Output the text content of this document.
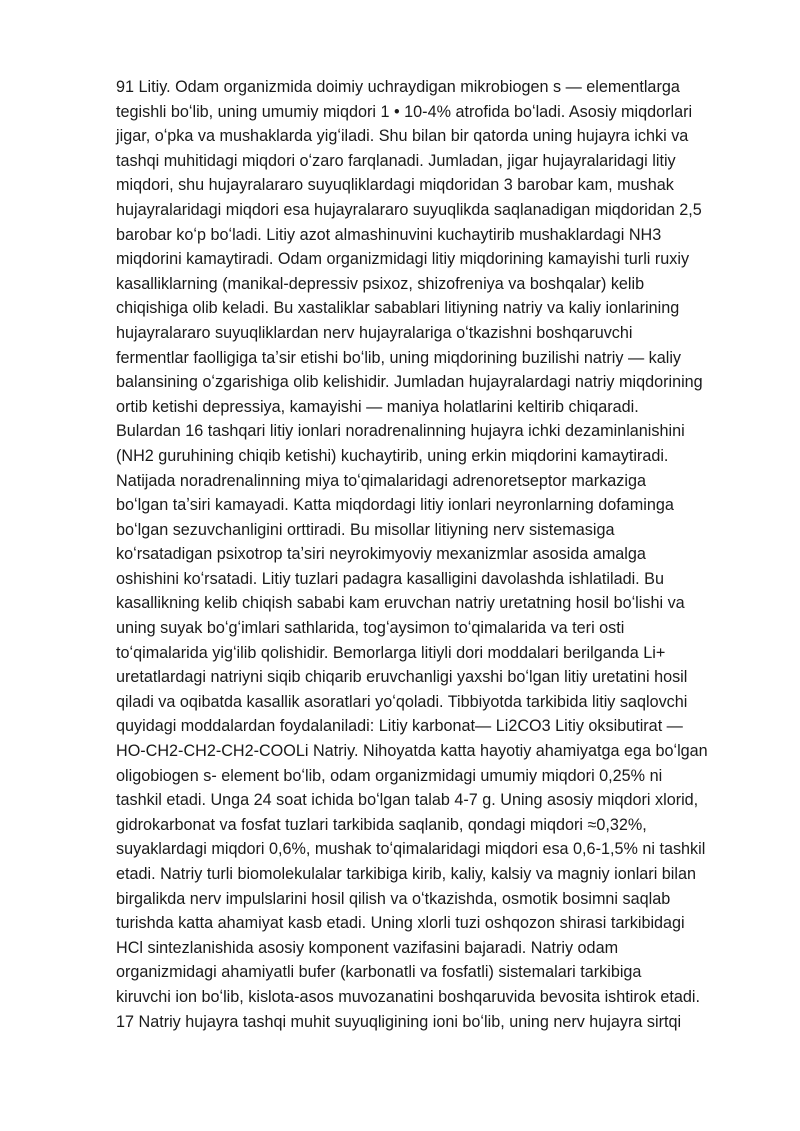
91 Litiy. Odam organizmida doimiy uchraydigan mikrobiogen s — elementlarga
tegishli boʻlib, uning umumiy miqdori 1 • 10-4% atrofida boʻladi. Asosiy miqdorlari
jigar, oʻpka va mushaklarda yigʻiladi. Shu bilan bir qatorda uning hujayra ichki va
tashqi muhitidagi miqdori oʻzaro farqlanadi. Jumladan, jigar hujayralaridagi litiy
miqdori, shu hujayralararo suyuqliklardagi miqdoridan 3 barobar kam, mushak
hujayralaridagi miqdori esa hujayralararo suyuqlikda saqlanadigan miqdoridan 2,5
barobar koʻp boʻladi. Litiy azot almashinuvini kuchaytirib mushaklardagi NH3
miqdorini kamaytiradi. Odam organizmidagi litiy miqdorining kamayishi turli ruxiy
kasalliklarning (manikal-depressiv psixoz, shizofreniya va boshqalar) kelib
chiqishiga olib keladi. Bu xastaliklar sabablari litiyning natriy va kaliy ionlarining
hujayralararo suyuqliklardan nerv hujayralariga oʻtkazishni boshqaruvchi
fermentlar faolligiga taʼsir etishi boʻlib, uning miqdorining buzilishi natriy — kaliy
balansining oʻzgarishiga olib kelishidir. Jumladan hujayralardagi natriy miqdorining
ortib ketishi depressiya, kamayishi — maniya holatlarini keltirib chiqaradi.
Bulardan 16 tashqari litiy ionlari noradrenalinning hujayra ichki dezaminlanishini
(NH2 guruhining chiqib ketishi) kuchaytirib, uning erkin miqdorini kamaytiradi.
Natijada noradrenalinning miya toʻqimalaridagi adrenoretseptor markaziga
boʻlgan taʼsiri kamayadi. Katta miqdordagi litiy ionlari neyronlarning dofaminga
boʻlgan sezuvchanligini orttiradi. Bu misollar litiyning nerv sistemasiga
koʻrsatadigan psixotrop taʼsiri neyrokimyoviy mexanizmlar asosida amalga
oshishini koʻrsatadi. Litiy tuzlari padagra kasalligini davolashda ishlatiladi. Bu
kasallikning kelib chiqish sababi kam eruvchan natriy uretatning hosil boʻlishi va
uning suyak boʻgʻimlari sathlarida, togʻaysimon toʻqimalarida va teri osti
toʻqimalarida yigʻilib qolishidir. Bemorlarga litiyli dori moddalari berilganda Li+
uretatlardagi natriyni siqib chiqarib eruvchanligi yaxshi boʻlgan litiy uretatini hosil
qiladi va oqibatda kasallik asoratlari yoʻqoladi. Tibbiyotda tarkibida litiy saqlovchi
quyidagi moddalardan foydalaniladi: Litiy karbonat— Li2CO3 Litiy oksibutirat —
HO-CH2-CH2-CH2-COOLi Natriy. Nihoyatda katta hayotiy ahamiyatga ega boʻlgan
oligobiogen s- element boʻlib, odam organizmidagi umumiy miqdori 0,25% ni
tashkil etadi. Unga 24 soat ichida boʻlgan talab 4-7 g. Uning asosiy miqdori xlorid,
gidrokarbonat va fosfat tuzlari tarkibida saqlanib, qondagi miqdori ≈0,32%,
suyaklardagi miqdori 0,6%, mushak toʻqimalaridagi miqdori esa 0,6-1,5% ni tashkil
etadi. Natriy turli biomolekulalar tarkibiga kirib, kaliy, kalsiy va magniy ionlari bilan
birgalikda nerv impulslarini hosil qilish va oʻtkazishda, osmotik bosimni saqlab
turishda katta ahamiyat kasb etadi. Uning xlorli tuzi oshqozon shirasi tarkibidagi
HCl sintezlanishida asosiy komponent vazifasini bajaradi. Natriy odam
organizmidagi ahamiyatli bufer (karbonatli va fosfatli) sistemalari tarkibiga
kiruvchi ion boʻlib, kislota-asos muvozanatini boshqaruvida bevosita ishtirok etadi.
17 Natriy hujayra tashqi muhit suyuqligining ioni boʻlib, uning nerv hujayra sirtqi
